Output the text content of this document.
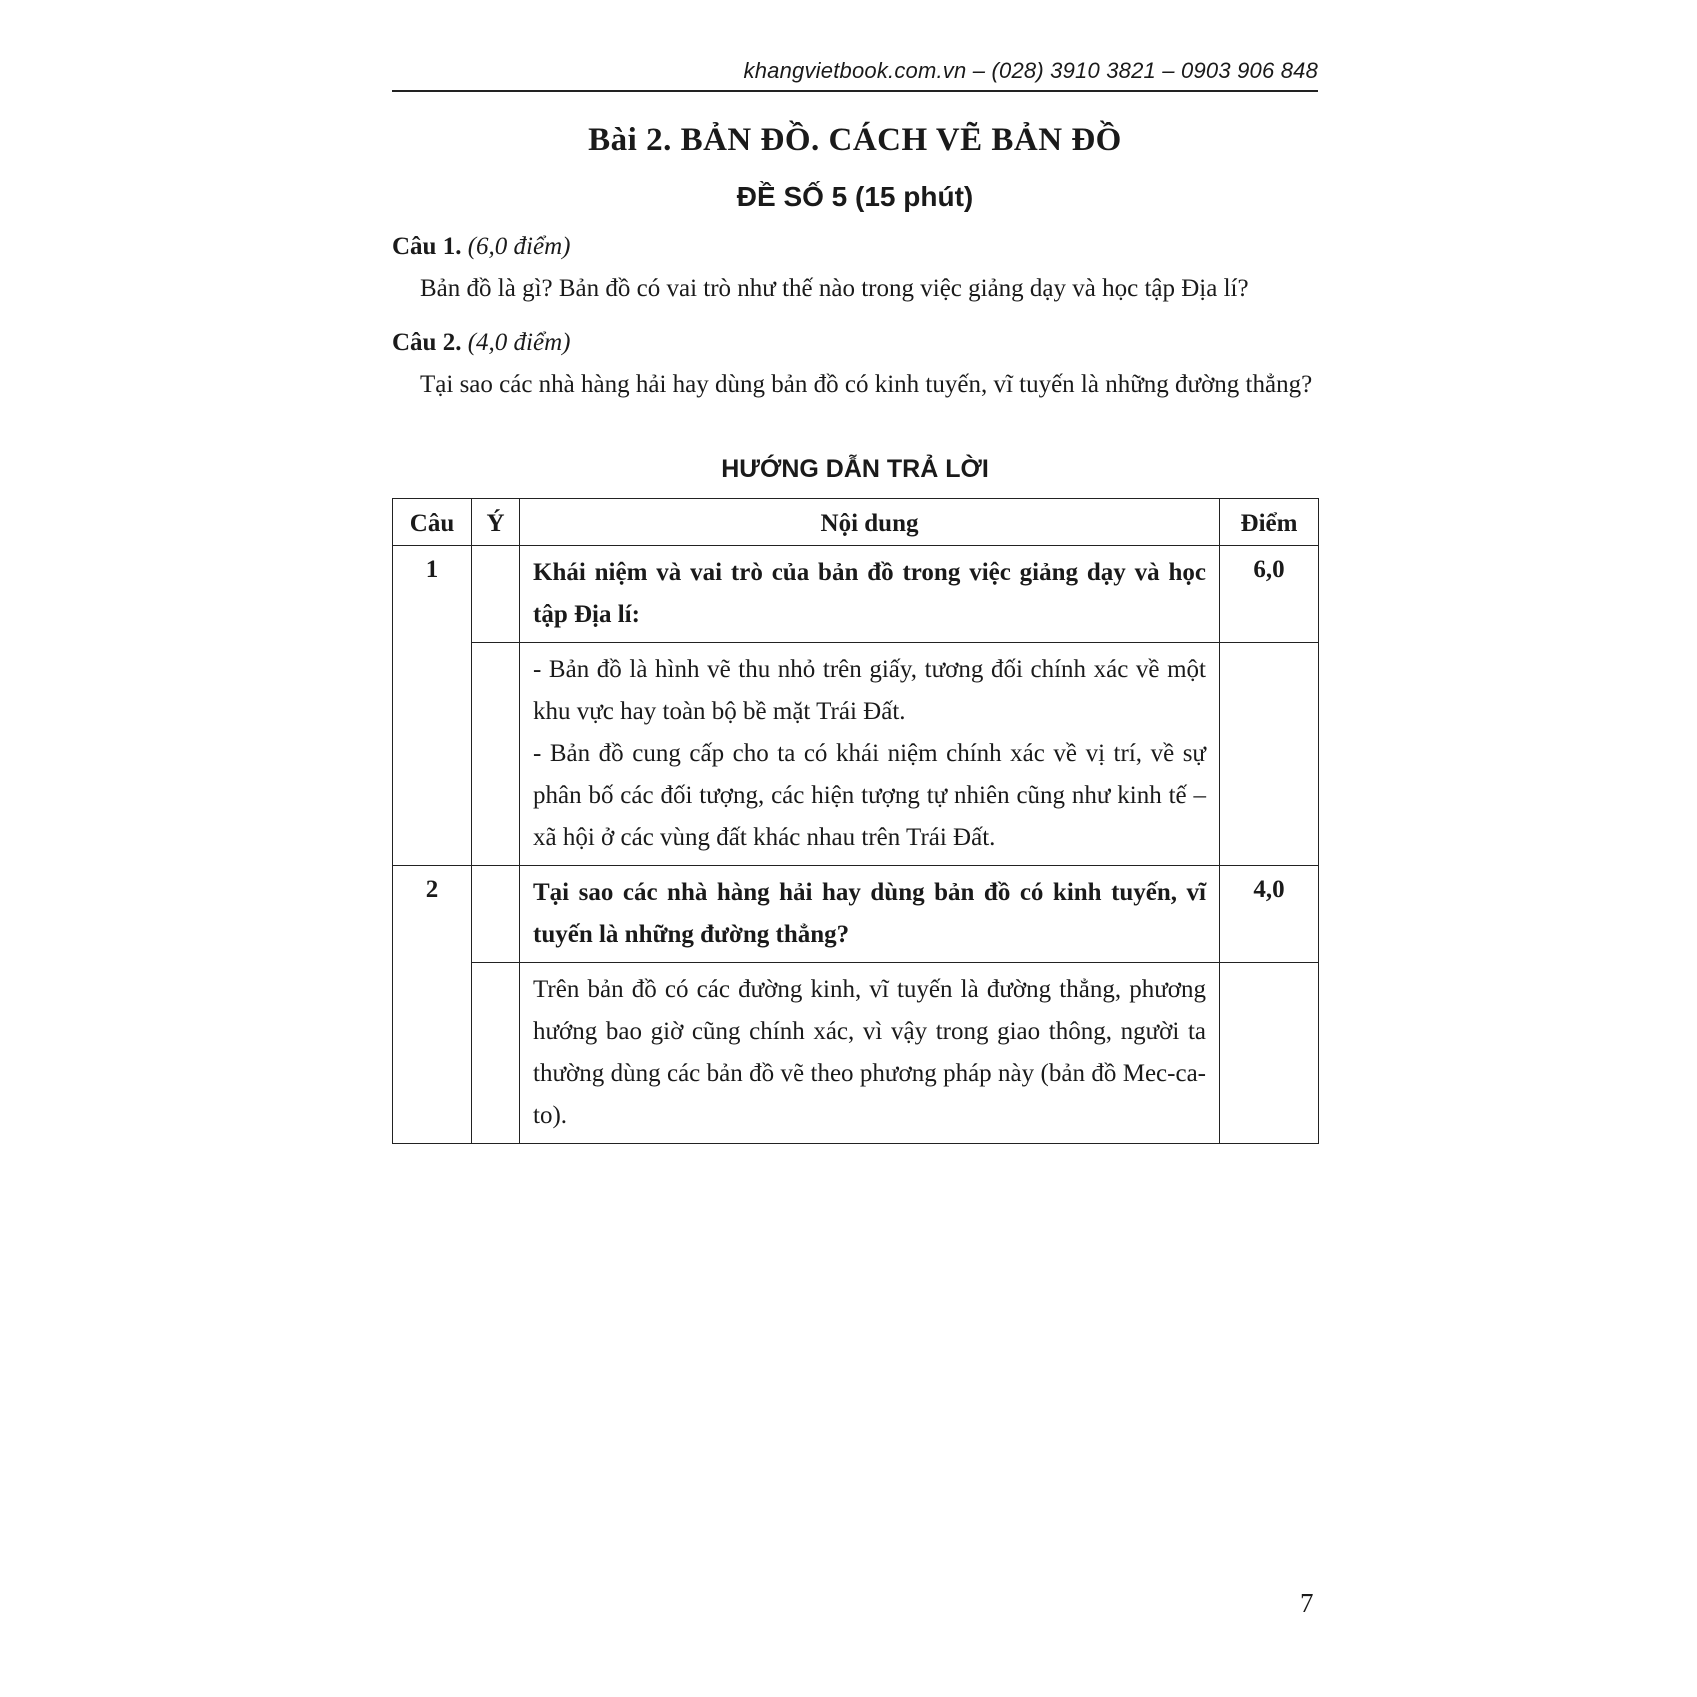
khangvietbook.com.vn – (028) 3910 3821 – 0903 906 848
Bài 2. BẢN ĐỒ. CÁCH VẼ BẢN ĐỒ
ĐỀ SỐ 5 (15 phút)
Câu 1. (6,0 điểm)
Bản đồ là gì? Bản đồ có vai trò như thế nào trong việc giảng dạy và học tập Địa lí?
Câu 2. (4,0 điểm)
Tại sao các nhà hàng hải hay dùng bản đồ có kinh tuyến, vĩ tuyến là những đường thẳng?
HƯỚNG DẪN TRẢ LỜI
Câu	Ý	Nội dung	Điểm
1		Khái niệm và vai trò của bản đồ trong việc giảng dạy và học tập Địa lí:	6,0

		- Bản đồ là hình vẽ thu nhỏ trên giấy, tương đối chính xác về một khu vực hay toàn bộ bề mặt Trái Đất.

- Bản đồ cung cấp cho ta có khái niệm chính xác về vị trí, về sự phân bố các đối tượng, các hiện tượng tự nhiên cũng như kinh tế – xã hội ở các vùng đất khác nhau trên Trái Đất.	

2		Tại sao các nhà hàng hải hay dùng bản đồ có kinh tuyến, vĩ tuyến là những đường thẳng?	4,0

		Trên bản đồ có các đường kinh, vĩ tuyến là đường thẳng, phương hướng bao giờ cũng chính xác, vì vậy trong giao thông, người ta thường dùng các bản đồ vẽ theo phương pháp này (bản đồ Mec-ca-to).	

7
